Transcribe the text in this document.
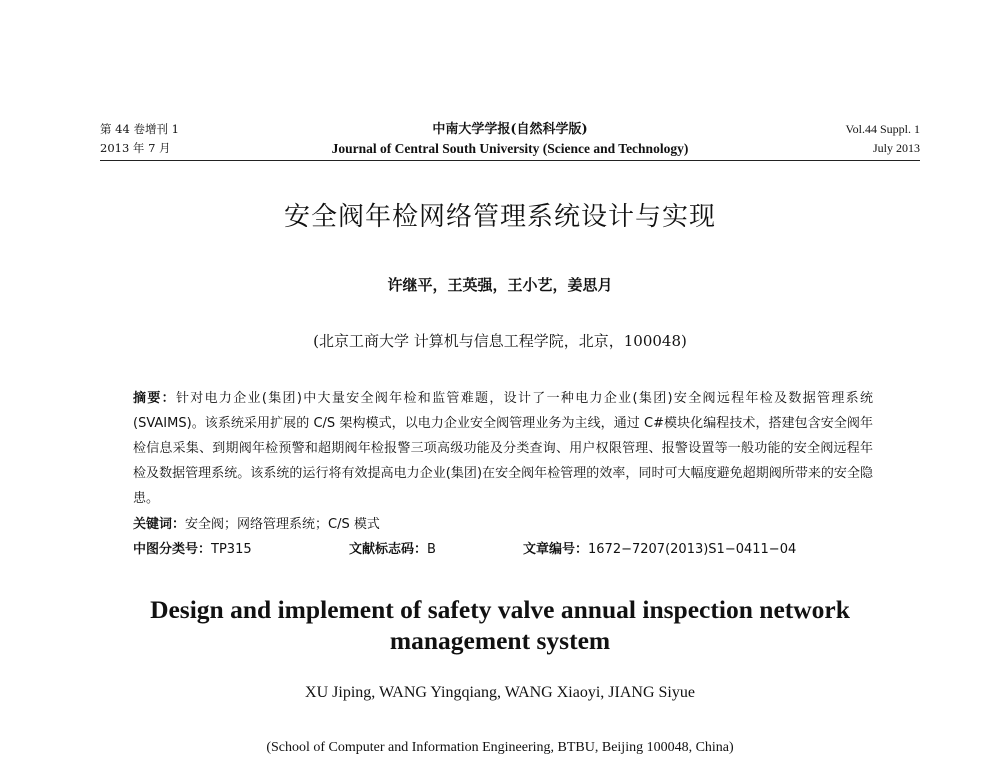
第 44 卷增刊 1
2013 年 7 月
中南大学学报(自然科学版)
Journal of Central South University (Science and Technology)
Vol.44 Suppl. 1
July 2013
安全阀年检网络管理系统设计与实现
许继平，王英强，王小艺，姜思月
(北京工商大学 计算机与信息工程学院，北京，100048)
摘要：针对电力企业(集团)中大量安全阀年检和监管难题，设计了一种电力企业(集团)安全阀远程年检及数据管理系统(SVAIMS)。该系统采用扩展的 C/S 架构模式，以电力企业安全阀管理业务为主线，通过 C#模块化编程技术，搭建包含安全阀年检信息采集、到期阀年检预警和超期阀年检报警三项高级功能及分类查询、用户权限管理、报警设置等一般功能的安全阀远程年检及数据管理系统。该系统的运行将有效提高电力企业(集团)在安全阀年检管理的效率，同时可大幅度避免超期阀所带来的安全隐患。
关键词：安全阀；网络管理系统；C/S 模式
中图分类号：TP315	文献标志码：B	文章编号：1672−7207(2013)S1−0411−04
Design and implement of safety valve annual inspection network management system
XU Jiping, WANG Yingqiang, WANG Xiaoyi, JIANG Siyue
(School of Computer and Information Engineering, BTBU, Beijing 100048, China)
